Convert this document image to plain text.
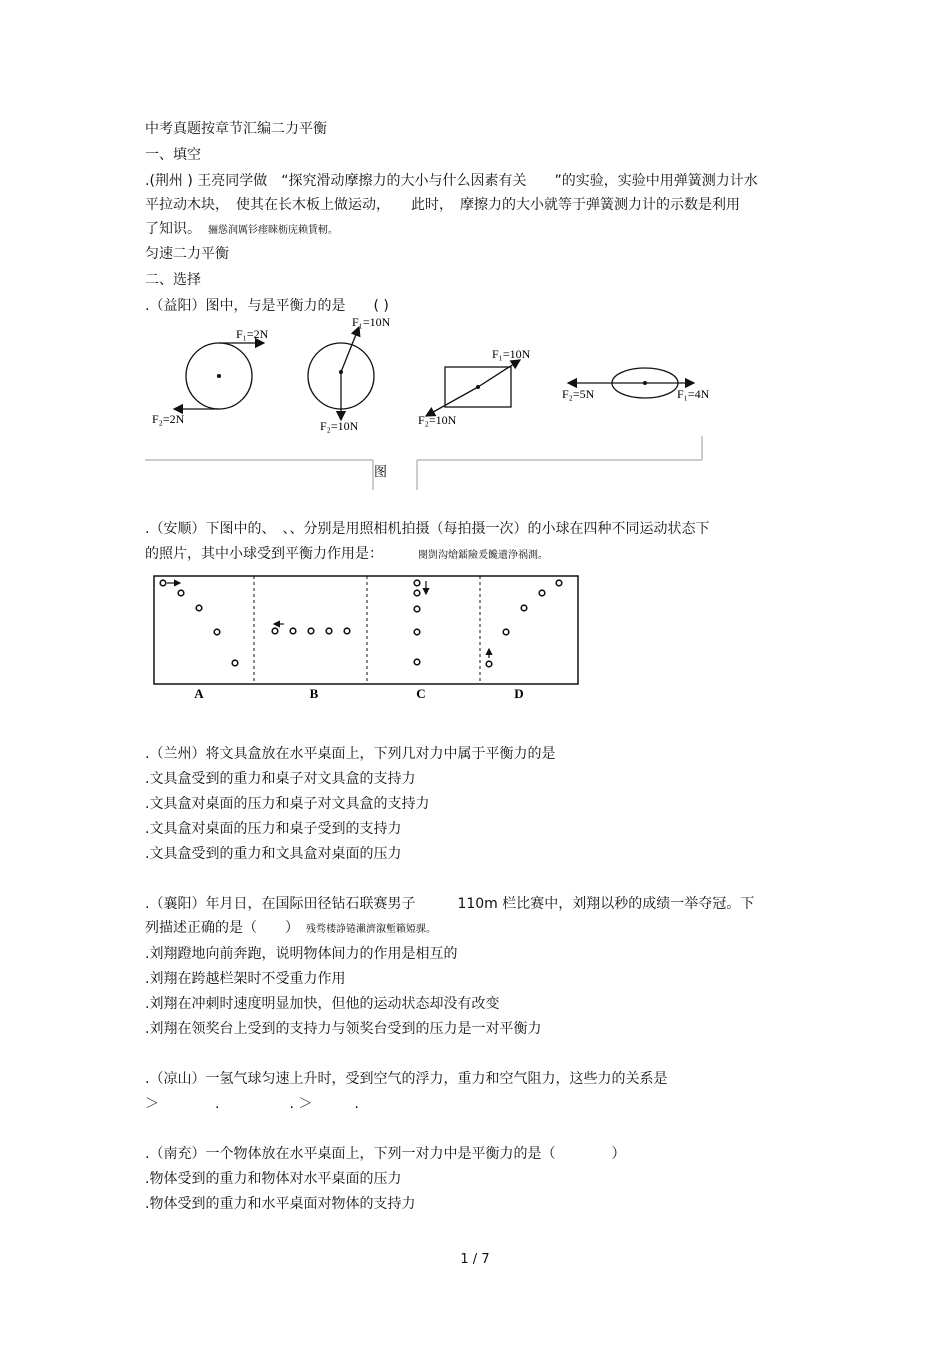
中考真题按章节汇编二力平衡
一、填空
.(荆州 ) 王亮同学做　“探究滑动摩擦力的大小与什么因素有关　　”的实验，实验中用弹簧测力计水
平拉动木块，　使其在长木板上做运动，　　此时，　摩擦力的大小就等于弹簧测力计的示数是利用
了知识。　 骊慫润厲钐瘗睞枥庑赖賃軔。
匀速二力平衡
二、选择
.（益阳）图中，与是平衡力的是　　( )
F₁=2N
F₂=2N
F₁=10N
F₂=10N
F₁=10N
F₂=10N
F₂=5N	F₁=4N
图
.（安顺）下图中的、　、、分别是用照相机拍摄（每拍摄一次）的小球在四种不同运动状态下
的照片，其中小球受到平衡力作用是：　　　	閿剴沟熗鐳險爰饞遺浄祸測。
A	B	C	D
.（兰州）将文具盒放在水平桌面上，下列几对力中属于平衡力的是
.文具盒受到的重力和桌子对文具盒的支持力
.文具盒对桌面的压力和桌子对文具盒的支持力
.文具盒对桌面的压力和桌子受到的支持力
.文具盒受到的重力和文具盒对桌面的压力
.（襄阳）年月日，在国际田径钻石联赛男子　　　110m 栏比赛中，刘翔以秒的成绩一举夺冠。下
列描述正确的是（　　）　 残骛楼諍锩瀨濟溆塹籟婭骒。
.刘翔蹬地向前奔跑，说明物体间力的作用是相互的
.刘翔在跨越栏架时不受重力作用
.刘翔在冲刺时速度明显加快，但他的运动状态却没有改变
.刘翔在领奖台上受到的支持力与领奖台受到的压力是一对平衡力
.（凉山）一氢气球匀速上升时，受到空气的浮力，重力和空气阻力，这些力的关系是
＞　　　　.　　　　　. ＞　　　.
.（南充）一个物体放在水平桌面上，下列一对力中是平衡力的是（　　　　）
.物体受到的重力和物体对水平桌面的压力
.物体受到的重力和水平桌面对物体的支持力
1 / 7
